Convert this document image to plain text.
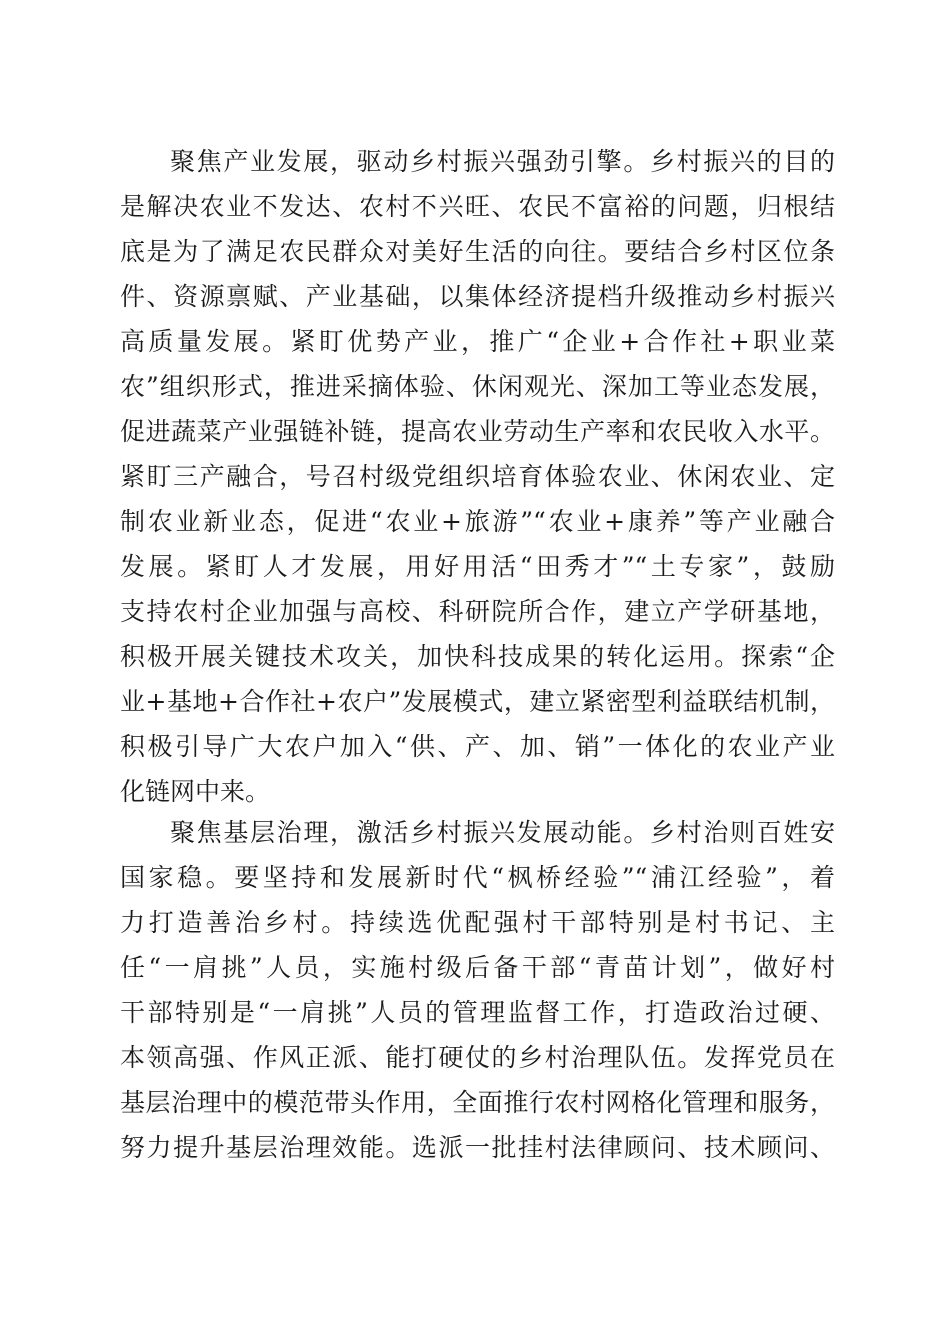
聚焦产业发展，驱动乡村振兴强劲引擎。乡村振兴的目的
是解决农业不发达、农村不兴旺、农民不富裕的问题，归根结
底是为了满足农民群众对美好生活的向往。要结合乡村区位条
件、资源禀赋、产业基础，以集体经济提档升级推动乡村振兴
高质量发展。紧盯优势产业，推广“企业+合作社+职业菜
农”组织形式，推进采摘体验、休闲观光、深加工等业态发展，
促进蔬菜产业强链补链，提高农业劳动生产率和农民收入水平。
紧盯三产融合，号召村级党组织培育体验农业、休闲农业、定
制农业新业态，促进“农业+旅游”“农业+康养”等产业融合
发展。紧盯人才发展，用好用活“田秀才”“土专家”，鼓励
支持农村企业加强与高校、科研院所合作，建立产学研基地，
积极开展关键技术攻关，加快科技成果的转化运用。探索“企
业+基地+合作社+农户”发展模式，建立紧密型利益联结机制，
积极引导广大农户加入“供、产、加、销”一体化的农业产业
化链网中来。
聚焦基层治理，激活乡村振兴发展动能。乡村治则百姓安
国家稳。要坚持和发展新时代“枫桥经验”“浦江经验”，着
力打造善治乡村。持续选优配强村干部特别是村书记、主
任“一肩挑”人员，实施村级后备干部“青苗计划”，做好村
干部特别是“一肩挑”人员的管理监督工作，打造政治过硬、
本领高强、作风正派、能打硬仗的乡村治理队伍。发挥党员在
基层治理中的模范带头作用，全面推行农村网格化管理和服务，
努力提升基层治理效能。选派一批挂村法律顾问、技术顾问、
